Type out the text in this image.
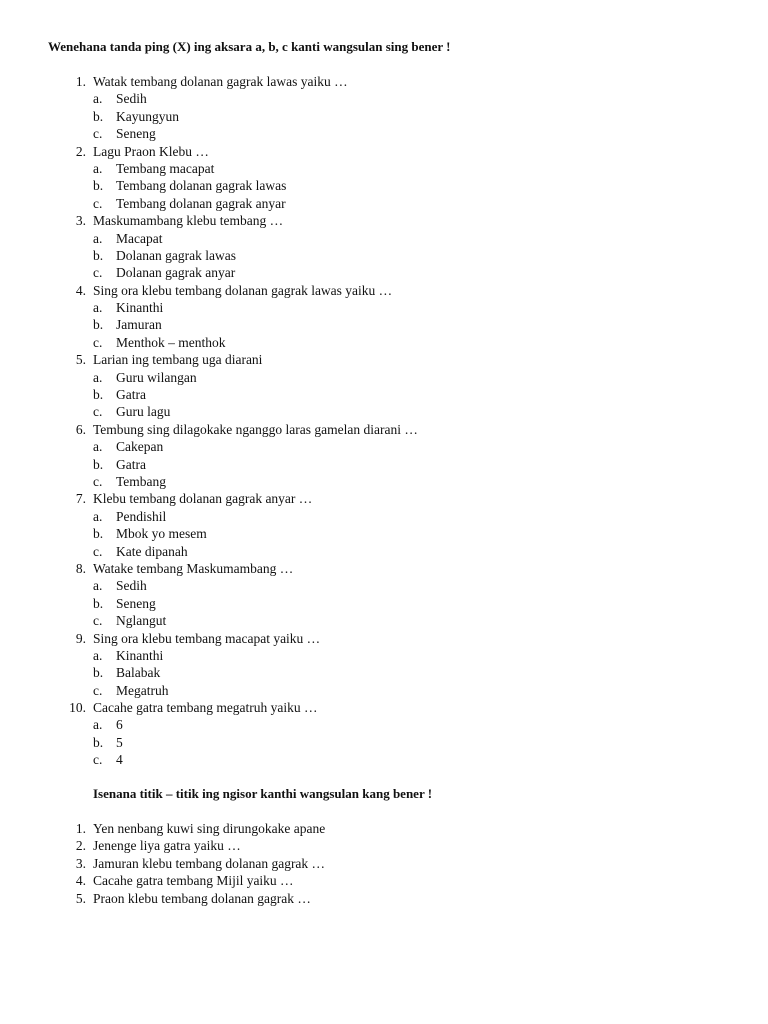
Wenehana tanda ping (X) ing aksara a, b, c kanti wangsulan sing bener !
1. Watak tembang dolanan gagrak lawas yaiku …
a. Sedih
b. Kayungyun
c. Seneng
2. Lagu Praon Klebu …
a. Tembang macapat
b. Tembang dolanan gagrak lawas
c. Tembang dolanan gagrak anyar
3. Maskumambang klebu tembang …
a. Macapat
b. Dolanan gagrak lawas
c. Dolanan gagrak anyar
4. Sing ora klebu tembang dolanan gagrak lawas yaiku …
a. Kinanthi
b. Jamuran
c. Menthok – menthok
5. Larian ing tembang uga diarani
a. Guru wilangan
b. Gatra
c. Guru lagu
6. Tembung sing dilagokake nganggo laras gamelan diarani …
a. Cakepan
b. Gatra
c. Tembang
7. Klebu tembang dolanan gagrak anyar …
a. Pendishil
b. Mbok yo mesem
c. Kate dipanah
8. Watake tembang Maskumambang …
a. Sedih
b. Seneng
c. Nglangut
9. Sing ora klebu tembang macapat yaiku …
a. Kinanthi
b. Balabak
c. Megatruh
10. Cacahe gatra tembang megatruh yaiku …
a. 6
b. 5
c. 4
Isenana titik – titik ing ngisor kanthi wangsulan kang bener !
1. Yen nenbang kuwi sing dirungokake apane
2. Jenenge liya gatra yaiku …
3. Jamuran klebu tembang dolanan gagrak …
4. Cacahe gatra tembang Mijil yaiku …
5. Praon klebu tembang dolanan gagrak …
